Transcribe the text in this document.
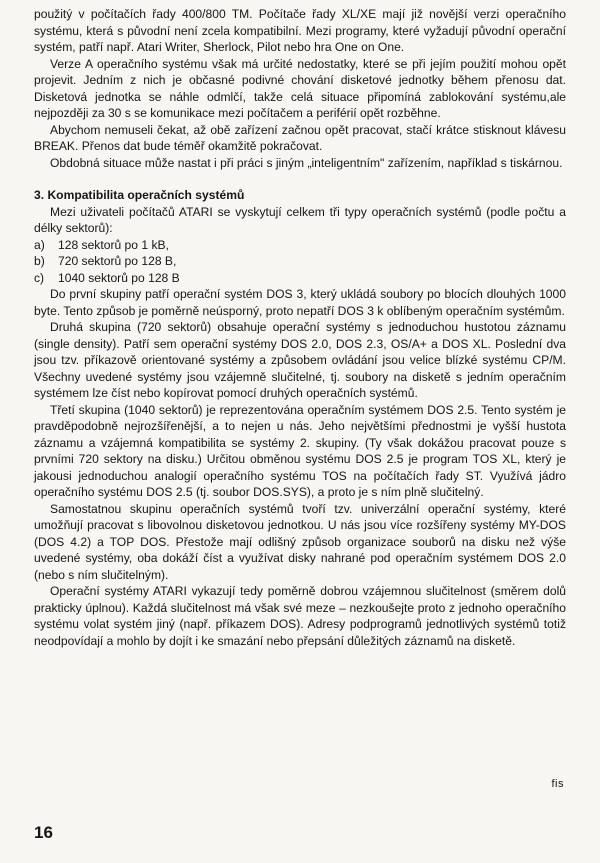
použitý v počítačích řady 400/800 TM. Počítače řady XL/XE mají již novější verzi operačního systému, která s původní není zcela kompatibilní. Mezi programy, které vyžadují původní operační systém, patří např. Atari Writer, Sherlock, Pilot nebo hra One on One.

Verze A operačního systému však má určité nedostatky, které se při jejím použití mohou opět projevit. Jedním z nich je občasné podivné chování disketové jednotky během přenosu dat. Disketová jednotka se náhle odmlčí, takže celá situace připomíná zablokování systému,ale nejpozději za 30 s se komunikace mezi počítačem a periférií opět rozběhne.

Abychom nemuseli čekat, až obě zařízení začnou opět pracovat, stačí krátce stisknout klávesu BREAK. Přenos dat bude téměř okamžitě pokračovat.

Obdobná situace může nastat i při práci s jiným „inteligentním" zařízením, například s tiskárnou.

3. Kompatibilita operačních systémů

Mezi uživateli počítačů ATARI se vyskytují celkem tři typy operačních systémů (podle počtu a délky sektorů):

a) 128 sektorů po 1 kB,
b) 720 sektorů po 128 B,
c)	1040 sektorů po 128 B

Do první skupiny patří operační systém DOS 3, který ukládá soubory po blocích dlouhých 1000 byte. Tento způsob je poměrně neúsporný, proto nepatří DOS 3 k oblíbeným operačním systémům.

Druhá skupina (720 sektorů) obsahuje operační systémy s jednoduchou hustotou záznamu (single density). Patří sem operační systémy DOS 2.0, DOS 2.3, OS/A+ a DOS XL. Poslední dva jsou tzv. příkazově orientované systémy a způsobem ovládání jsou velice blízké systému CP/M. Všechny uvedené systémy jsou vzájemně slučitelné, tj. soubory na disketě s jedním operačním systémem lze číst nebo kopírovat pomocí druhých operačních systémů.

Třetí skupina (1040 sektorů) je reprezentována operačním systémem DOS 2.5. Tento systém je pravděpodobně nejrozšířenější, a to nejen u nás. Jeho největšími přednostmi je vyšší hustota záznamu a vzájemná kompatibilita se systémy 2. skupiny. (Ty však dokážou pracovat pouze s prvními 720 sektory na disku.) Určitou obměnou systému DOS 2.5 je program TOS XL, který je jakousi jednoduchou analogií operačního systému TOS na počítačích řady ST. Využívá jádro operačního systému DOS 2.5 (tj. soubor DOS.SYS), a proto je s ním plně slučitelný.

Samostatnou skupinu operačních systémů tvoří tzv. univerzální operační systémy, které umožňují pracovat s libovolnou disketovou jednotkou. U nás jsou více rozšířeny systémy MY-DOS (DOS 4.2) a TOP DOS. Přestože mají odlišný způsob organizace souborů na disku než výše uvedené systémy, oba dokáží číst a využívat disky nahrané pod operačním systémem DOS 2.0 (nebo s ním slučitelným).

Operační systémy ATARI vykazují tedy poměrně dobrou vzájemnou slučitelnost (směrem dolů prakticky úplnou). Každá slučitelnost má však své meze – nezkoušejte proto z jednoho operačního systému volat systém jiný (např. příkazem DOS). Adresy podprogramů jednotlivých systémů totiž neodpovídají a mohlo by dojít i ke smazání nebo přepsání důležitých záznamů na disketě.

fis
16
